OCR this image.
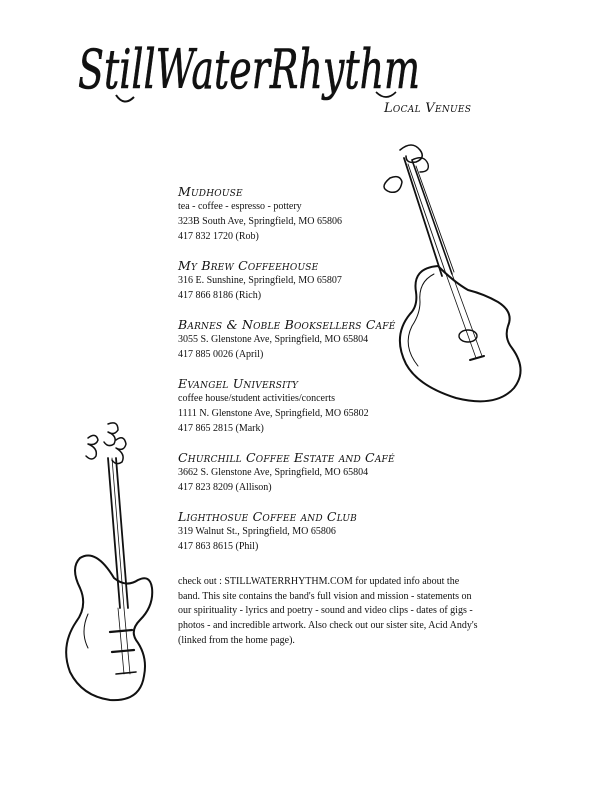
StillWaterRhythm
Local Venues
Mudhouse
tea - coffee - espresso - pottery
323B South Ave, Springfield, MO 65806
417 832 1720 (Rob)
My Brew Coffeehouse
316 E. Sunshine, Springfield, MO 65807
417 866 8186 (Rich)
Barnes & Noble Booksellers Café
3055 S. Glenstone Ave, Springfield, MO 65804
417 885 0026 (April)
Evangel University
coffee house/student activities/concerts
1111 N. Glenstone Ave, Springfield, MO 65802
417 865 2815 (Mark)
Churchill Coffee Estate and Café
3662 S. Glenstone Ave, Springfield, MO 65804
417 823 8209 (Allison)
Lighthosue Coffee and Club
319 Walnut St., Springfield, MO 65806
417 863 8615 (Phil)
check out : STILLWATERRHYTHM.COM for updated info about the band. This site contains the band's full vision and mission - statements on our spirituality - lyrics and poetry - sound and video clips - dates of gigs - photos - and incredible artwork. Also check out our sister site, Acid Andy's (linked from the home page).
